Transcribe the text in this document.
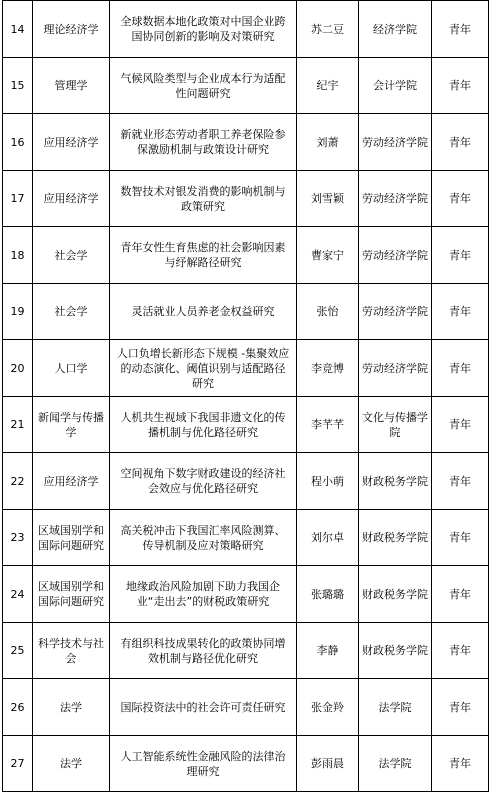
14	理论经济学	全球数据本地化政策对中国企业跨国协同创新的影响及对策研究	苏二豆	经济学院	青年
15	管理学	气候风险类型与企业成本行为适配性问题研究	纪宇	会计学院	青年
16	应用经济学	新就业形态劳动者职工养老保险参保激励机制与政策设计研究	刘萧	劳动经济学院	青年
17	应用经济学	数智技术对银发消费的影响机制与政策研究	刘雪颖	劳动经济学院	青年
18	社会学	青年女性生育焦虑的社会影响因素与纾解路径研究	曹家宁	劳动经济学院	青年
19	社会学	灵活就业人员养老金权益研究	张怡	劳动经济学院	青年
20	人口学	人口负增长新形态下规模 -集聚效应的动态演化、阈值识别与适配路径研究	李竞博	劳动经济学院	青年
21	新闻学与传播学	人机共生视域下我国非遗文化的传播机制与优化路径研究	李芊芊	文化与传播学院	青年
22	应用经济学	空间视角下数字财政建设的经济社会效应与优化路径研究	程小萌	财政税务学院	青年
23	区域国别学和国际问题研究	高关税冲击下我国汇率风险测算、传导机制及应对策略研究	刘尔卓	财政税务学院	青年
24	区域国别学和国际问题研究	地缘政治风险加剧下助力我国企业“走出去”的财税政策研究	张璐璐	财政税务学院	青年
25	科学技术与社会	有组织科技成果转化的政策协同增效机制与路径优化研究	李静	财政税务学院	青年
26	法学	国际投资法中的社会许可责任研究	张金羚	法学院	青年
27	法学	人工智能系统性金融风险的法律治理研究	彭雨晨	法学院	青年
